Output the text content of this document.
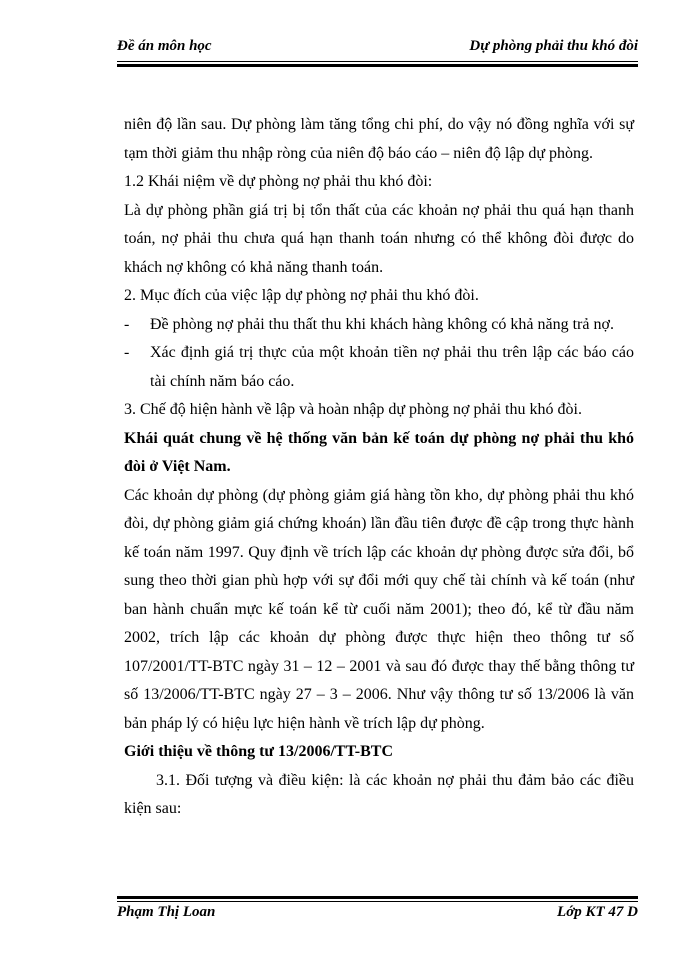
Đề án môn học	Dự phòng phải thu khó đòi

niên độ lần sau. Dự phòng làm tăng tổng chi phí, do vậy nó đồng nghĩa với sự tạm thời giảm thu nhập ròng của niên độ báo cáo – niên độ lập dự phòng.

1.2 Khái niệm về dự phòng nợ phải thu khó đòi:

Là dự phòng phần giá trị bị tổn thất của các khoản nợ phải thu quá hạn thanh toán, nợ phải thu chưa quá hạn thanh toán nhưng có thể không đòi được do khách nợ không có khả năng thanh toán.

2. Mục đích của việc lập dự phòng nợ phải thu khó đòi.

-	Đề phòng nợ phải thu thất thu khi khách hàng không có khả năng trả nợ.
-	Xác định giá trị thực của một khoản tiền nợ phải thu trên lập các báo cáo tài chính năm báo cáo.

3. Chế độ hiện hành về lập và hoàn nhập dự phòng nợ phải thu khó đòi.

Khái quát chung về hệ thống văn bản kế toán dự phòng nợ phải thu khó đòi ở Việt Nam.

Các khoản dự phòng (dự phòng giảm giá hàng tồn kho, dự phòng phải thu khó đòi, dự phòng giảm giá chứng khoán) lần đầu tiên được đề cập trong thực hành kế toán năm 1997. Quy định về trích lập các khoản dự phòng được sửa đổi, bổ sung theo thời gian phù hợp với sự đổi mới quy chế tài chính và kế toán (như ban hành chuẩn mực kế toán kể từ cuối năm 2001); theo đó, kể từ đầu năm 2002, trích lập các khoản dự phòng được thực hiện theo thông tư số 107/2001/TT-BTC ngày 31 – 12 – 2001 và sau đó được thay thế bằng thông tư số 13/2006/TT-BTC ngày 27 – 3 – 2006. Như vậy thông tư số 13/2006 là văn bản pháp lý có hiệu lực hiện hành về trích lập dự phòng.

Giới thiệu về thông tư 13/2006/TT-BTC

3.1. Đối tượng và điều kiện: là các khoản nợ phải thu đảm bảo các điều kiện sau:

Phạm Thị Loan	Lớp KT 47 D
